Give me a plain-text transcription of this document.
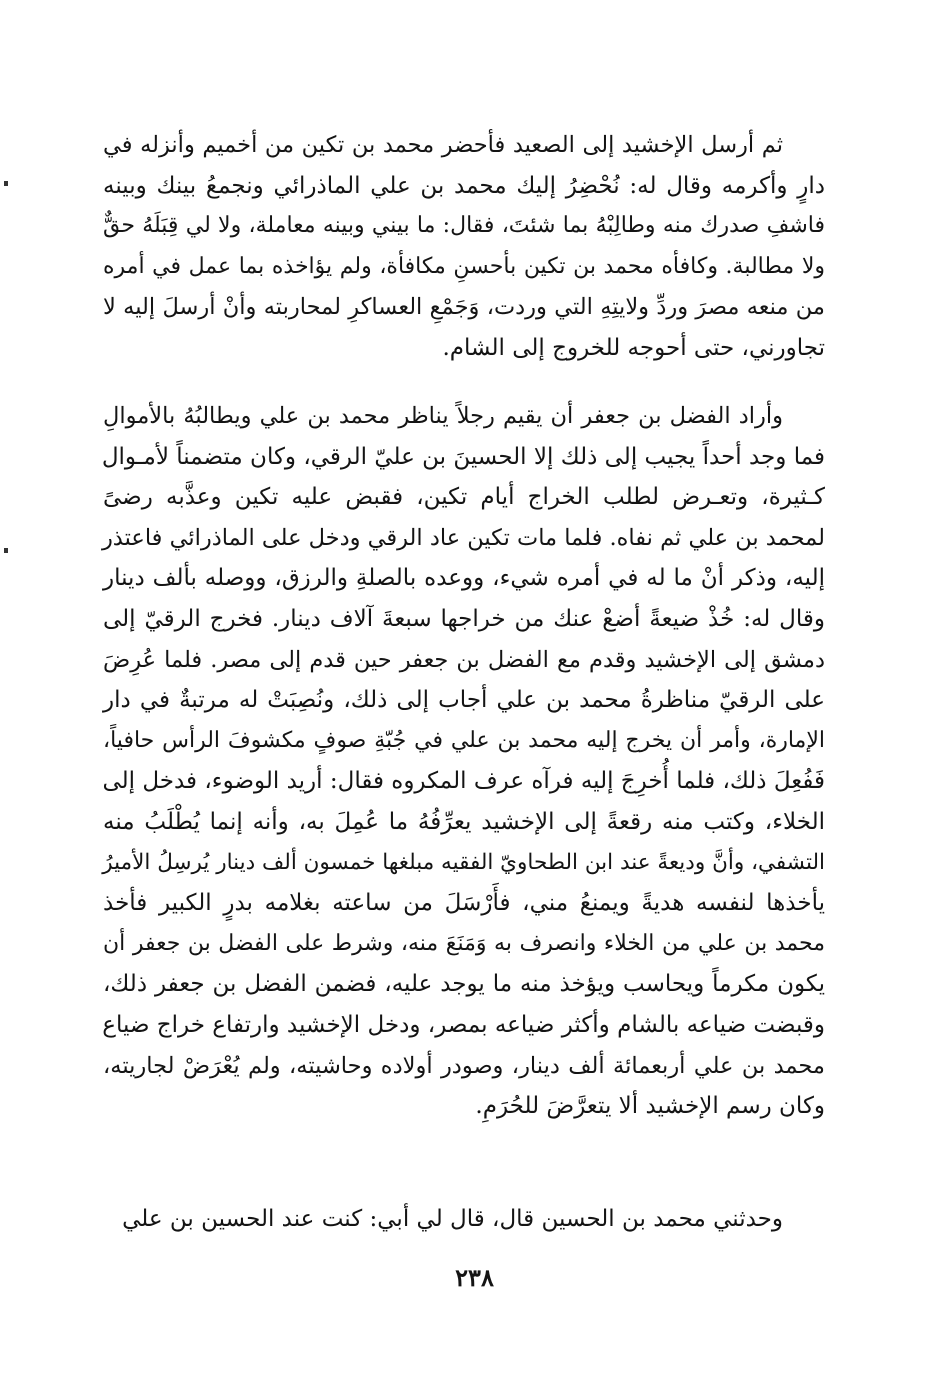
ثم أرسل الإخشيد إلى الصعيد فأحضر محمد بن تكين من أخميم وأنزله في
دارٍ وأكرمه وقال له: نُحْضِرُ إليك محمد بن علي الماذرائي ونجمعُ بينك وبينه
فاشفِ صدرك منه وطالِبْهُ بما شئتَ، فقال: ما بيني وبينه معاملة، ولا لي قِبَلَهُ حقٌّ
ولا مطالبة. وكافأه محمد بن تكين بأحسنِ مكافأة، ولم يؤاخذه بما عمل في أمره
من منعه مصرَ وردِّ ولايتِهِ التي وردت، وَجَمْعِ العساكرِ لمحاربته وأنْ أرسلَ إليه لا
تجاورني، حتى أحوجه للخروج إلى الشام.
وأراد الفضل بن جعفر أن يقيم رجلاً يناظر محمد بن علي ويطالبُهُ بالأموالِ
فما وجد أحداً يجيب إلى ذلك إلا الحسينَ بن عليّ الرقي، وكان متضمناً لأمـوال
كـثيرة، وتعـرض لطلب الخراج أيام تكين، فقبض عليه تكين وعذَّبه رضىً
لمحمد بن علي ثم نفاه. فلما مات تكين عاد الرقي ودخل على الماذرائي فاعتذر
إليه، وذكر أنْ ما له في أمره شيء، ووعده بالصلةِ والرزق، ووصله بألف دينار
وقال له: خُذْ ضيعةً أضعْ عنك من خراجها سبعةَ آلاف دينار. فخرج الرقيّ إلى
دمشق إلى الإخشيد وقدم مع الفضل بن جعفر حين قدم إلى مصر. فلما عُرِضَ
على الرقيّ مناظرةُ محمد بن علي أجاب إلى ذلك، ونُصِبَتْ له مرتبةٌ في دار
الإمارة، وأمر أن يخرج إليه محمد بن علي في جُبّةِ صوفٍ مكشوفَ الرأس حافياً،
فَفُعِلَ ذلك، فلما أُخرِجَ إليه فرآه عرف المكروه فقال: أريد الوضوء، فدخل إلى
الخلاء، وكتب منه رقعةً إلى الإخشيد يعرِّفُهُ ما عُمِلَ به، وأنه إنما يُطْلَبُ منه
التشفي، وأنَّ وديعةً عند ابن الطحاويّ الفقيه مبلغها خمسون ألف دينار يُرسِلُ الأميرُ
يأخذها لنفسه هديةً ويمنعُ مني، فأَرْسَلَ من ساعته بغلامه بدرٍ الكبير فأخذ
محمد بن علي من الخلاء وانصرف به وَمَنَعَ منه، وشرط على الفضل بن جعفر أن
يكون مكرماً ويحاسب ويؤخذ منه ما يوجد عليه، فضمن الفضل بن جعفر ذلك،
وقبضت ضياعه بالشام وأكثر ضياعه بمصر، ودخل الإخشيد وارتفاع خراج ضياع
محمد بن علي أربعمائة ألف دينار، وصودر أولاده وحاشيته، ولم يُعْرَضْ لجاريته،
وكان رسم الإخشيد ألا يتعرَّضَ للحُرَمِ.
وحدثني محمد بن الحسين قال، قال لي أبي: كنت عند الحسين بن علي
٢٣٨
